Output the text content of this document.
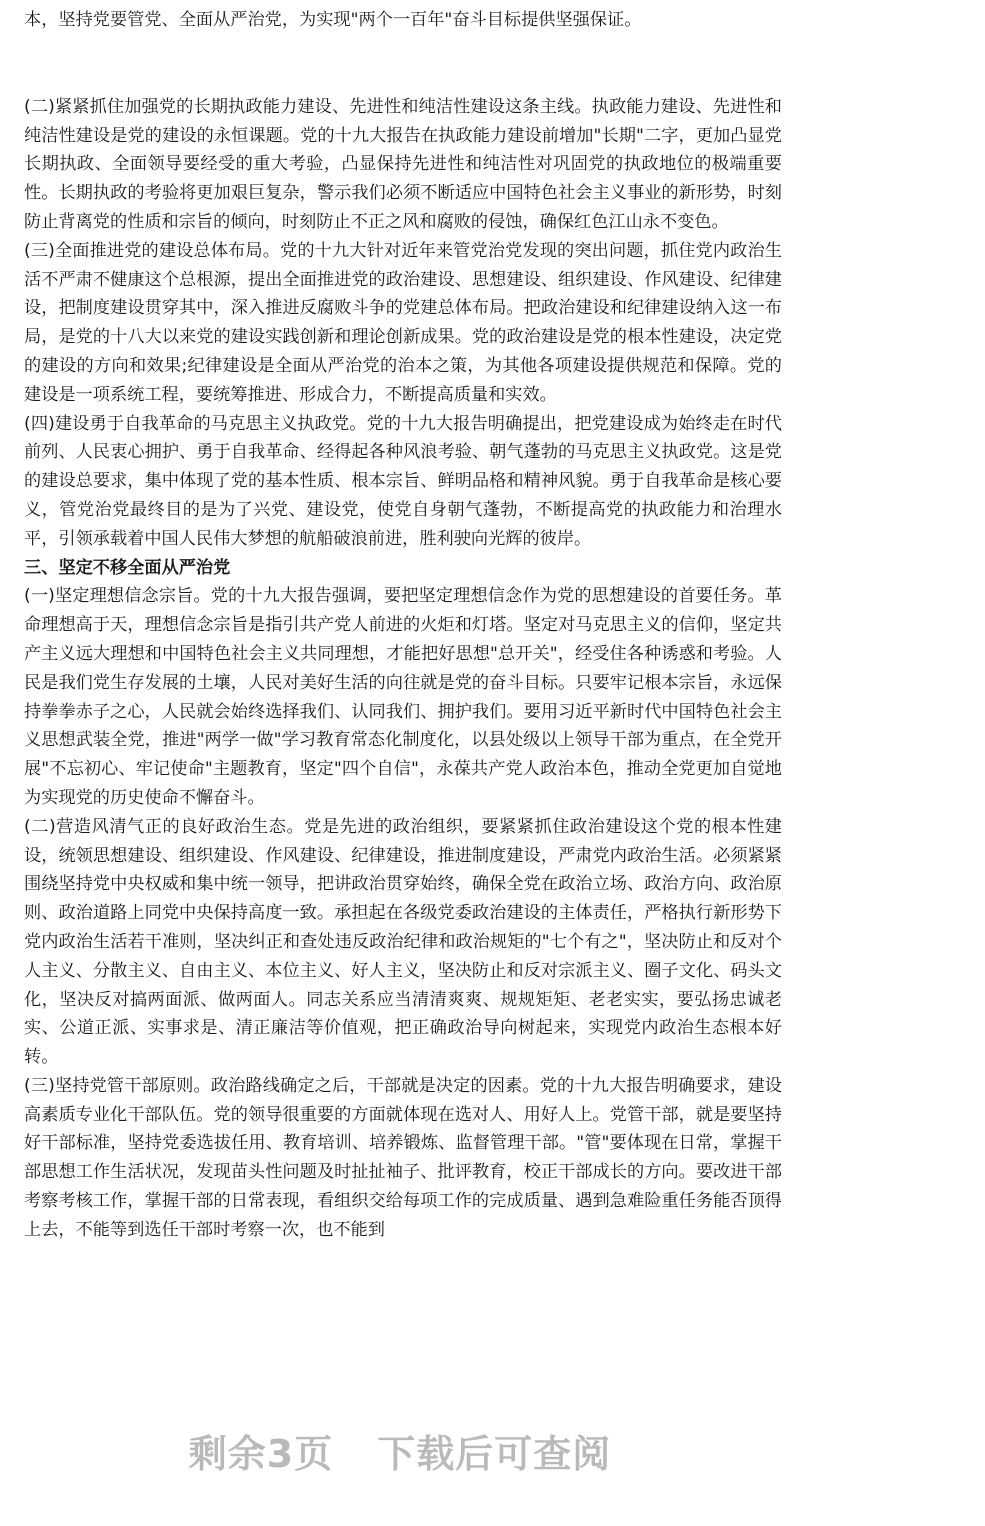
本，坚持党要管党、全面从严治党，为实现"两个一百年"奋斗目标提供坚强保证。

(二)紧紧抓住加强党的长期执政能力建设、先进性和纯洁性建设这条主线。执政能力建设、先进性和纯洁性建设是党的建设的永恒课题。党的十九大报告在执政能力建设前增加"长期"二字，更加凸显党长期执政、全面领导要经受的重大考验，凸显保持先进性和纯洁性对巩固党的执政地位的极端重要性。长期执政的考验将更加艰巨复杂，警示我们必须不断适应中国特色社会主义事业的新形势，时刻防止背离党的性质和宗旨的倾向，时刻防止不正之风和腐败的侵蚀，确保红色江山永不变色。

(三)全面推进党的建设总体布局。党的十九大针对近年来管党治党发现的突出问题，抓住党内政治生活不严肃不健康这个总根源，提出全面推进党的政治建设、思想建设、组织建设、作风建设、纪律建设，把制度建设贯穿其中，深入推进反腐败斗争的党建总体布局。把政治建设和纪律建设纳入这一布局，是党的十八大以来党的建设实践创新和理论创新成果。党的政治建设是党的根本性建设，决定党的建设的方向和效果;纪律建设是全面从严治党的治本之策，为其他各项建设提供规范和保障。党的建设是一项系统工程，要统筹推进、形成合力，不断提高质量和实效。

(四)建设勇于自我革命的马克思主义执政党。党的十九大报告明确提出，把党建设成为始终走在时代前列、人民衷心拥护、勇于自我革命、经得起各种风浪考验、朝气蓬勃的马克思主义执政党。这是党的建设总要求，集中体现了党的基本性质、根本宗旨、鲜明品格和精神风貌。勇于自我革命是核心要义，管党治党最终目的是为了兴党、建设党，使党自身朝气蓬勃，不断提高党的执政能力和治理水平，引领承载着中国人民伟大梦想的航船破浪前进，胜利驶向光辉的彼岸。

三、坚定不移全面从严治党

(一)坚定理想信念宗旨。党的十九大报告强调，要把坚定理想信念作为党的思想建设的首要任务。革命理想高于天，理想信念宗旨是指引共产党人前进的火炬和灯塔。坚定对马克思主义的信仰，坚定共产主义远大理想和中国特色社会主义共同理想，才能把好思想"总开关"，经受住各种诱惑和考验。人民是我们党生存发展的土壤，人民对美好生活的向往就是党的奋斗目标。只要牢记根本宗旨，永远保持拳拳赤子之心，人民就会始终选择我们、认同我们、拥护我们。要用习近平新时代中国特色社会主义思想武装全党，推进"两学一做"学习教育常态化制度化，以县处级以上领导干部为重点，在全党开展"不忘初心、牢记使命"主题教育，坚定"四个自信"，永葆共产党人政治本色，推动全党更加自觉地为实现党的历史使命不懈奋斗。

(二)营造风清气正的良好政治生态。党是先进的政治组织，要紧紧抓住政治建设这个党的根本性建设，统领思想建设、组织建设、作风建设、纪律建设，推进制度建设，严肃党内政治生活。必须紧紧围绕坚持党中央权威和集中统一领导，把讲政治贯穿始终，确保全党在政治立场、政治方向、政治原则、政治道路上同党中央保持高度一致。承担起在各级党委政治建设的主体责任，严格执行新形势下党内政治生活若干准则，坚决纠正和查处违反政治纪律和政治规矩的"七个有之"，坚决防止和反对个人主义、分散主义、自由主义、本位主义、好人主义，坚决防止和反对宗派主义、圈子文化、码头文化，坚决反对搞两面派、做两面人。同志关系应当清清爽爽、规规矩矩、老老实实，要弘扬忠诚老实、公道正派、实事求是、清正廉洁等价值观，把正确政治导向树起来，实现党内政治生态根本好转。

(三)坚持党管干部原则。政治路线确定之后，干部就是决定的因素。党的十九大报告明确要求，建设高素质专业化干部队伍。党的领导很重要的方面就体现在选对人、用好人上。党管干部，就是要坚持好干部标准，坚持党委选拔任用、教育培训、培养锻炼、监督管理干部。"管"要体现在日常，掌握干部思想工作生活状况，发现苗头性问题及时扯扯袖子、批评教育，校正干部成长的方向。要改进干部考察考核工作，掌握干部的日常表现，看组织交给每项工作的完成质量、遇到急难险重任务能否顶得上去，不能等到选任干部时考察一次，也不能到

剩余3页 下载后可查阅
